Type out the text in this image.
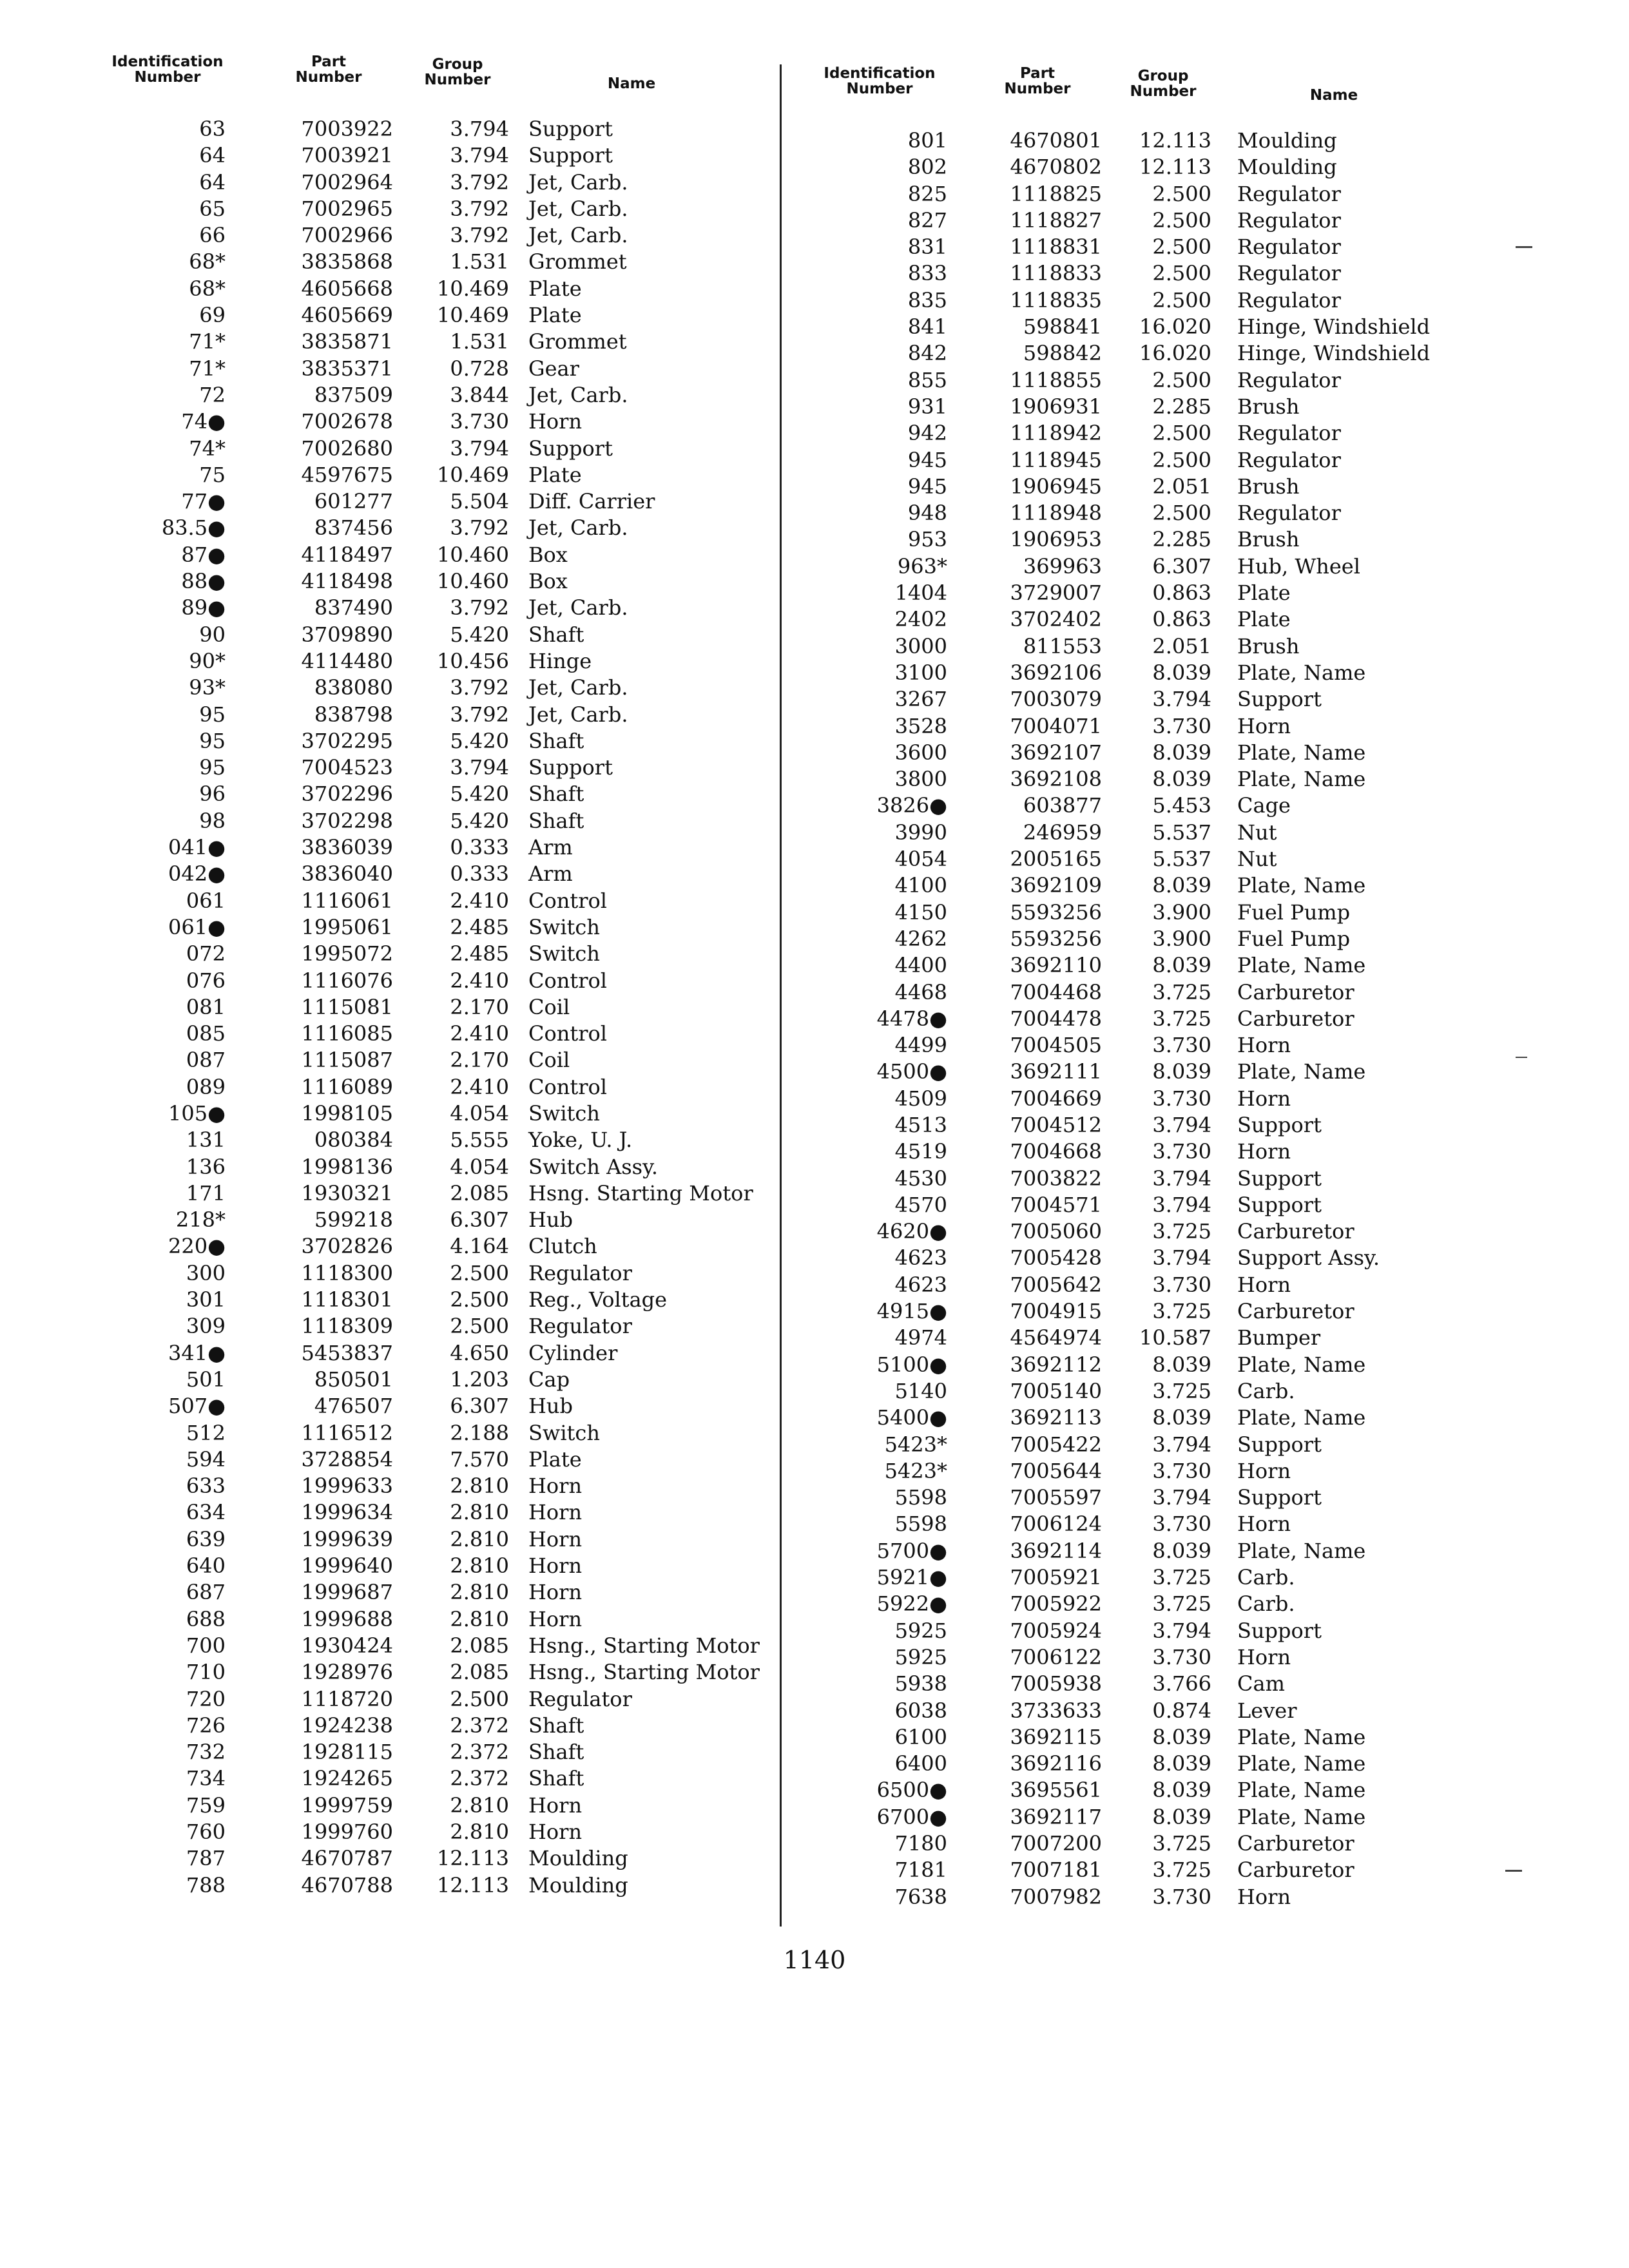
Identification
Number
Part
Number
Group
Number	Name
63	7003922	3.794 Support
64	7003921	3.794 Support
64	7002964	3.792 Jet, Carb.
65	7002965	3.792 Jet, Carb.
66	7002966	3.792 Jet, Carb.
68*	3835868	1.531 Grommet
68*	4605668	10.469 Plate
69	4605669	10.469 Plate
71*	3835871	1.531 Grommet
71*	3835371	0.728 Gear
72	837509	3.844 Jet, Carb.
74●	7002678	3.730 Horn
74*	7002680	3.794 Support
75	4597675	10.469 Plate
77●	601277	5.504 Diff. Carrier
83.5●	837456	3.792 Jet, Carb.
87●	4118497	10.460 Box
88●	4118498	10.460 Box
89●	837490	3.792 Jet, Carb.
90	3709890	5.420 Shaft
90*	4114480	10.456 Hinge
93*	838080	3.792 Jet, Carb.
95	838798	3.792 Jet, Carb.
95	3702295	5.420 Shaft
95	7004523	3.794 Support
96	3702296	5.420 Shaft
98	3702298	5.420 Shaft
041●	3836039	0.333 Arm
042●	3836040	0.333 Arm
061	1116061	2.410 Control
061●	1995061	2.485 Switch
072	1995072	2.485 Switch
076	1116076	2.410 Control
081	1115081	2.170 Coil
085	1116085	2.410 Control
087	1115087	2.170 Coil
089	1116089	2.410 Control
105●	1998105	4.054 Switch
131	080384	5.555 Yoke, U. J.
136	1998136	4.054 Switch Assy.
171	1930321	2.085 Hsng. Starting Motor
218*	599218	6.307 Hub
220●	3702826	4.164 Clutch
300	1118300	2.500 Regulator
301	1118301	2.500 Reg., Voltage
309	1118309	2.500 Regulator
341●	5453837	4.650 Cylinder
501	850501	1.203 Cap
507●	476507	6.307 Hub
512	1116512	2.188 Switch
594	3728854	7.570 Plate
633	1999633	2.810 Horn
634	1999634	2.810 Horn
639	1999639	2.810 Horn
640	1999640	2.810 Horn
687	1999687	2.810 Horn
688	1999688	2.810 Horn
700	1930424	2.085 Hsng., Starting Motor
710	1928976	2.085 Hsng., Starting Motor
720	1118720	2.500 Regulator
726	1924238	2.372 Shaft
732	1928115	2.372 Shaft
734	1924265	2.372 Shaft
759	1999759	2.810 Horn
760	1999760	2.810 Horn
787	4670787	12.113 Moulding
788	4670788	12.113 Moulding
Identification
Number
Part
Number
Group
Number	Name
801	4670801	12.113 Moulding
802	4670802	12.113 Moulding
825	1118825	2.500 Regulator
827	1118827	2.500 Regulator
831	1118831	2.500 Regulator
833	1118833	2.500 Regulator
835	1118835	2.500 Regulator
841	598841	16.020 Hinge, Windshield
842	598842	16.020 Hinge, Windshield
855	1118855	2.500 Regulator
931	1906931	2.285 Brush
942	1118942	2.500 Regulator
945	1118945	2.500 Regulator
945	1906945	2.051 Brush
948	1118948	2.500 Regulator
953	1906953	2.285 Brush
963*	369963	6.307 Hub, Wheel
1404	3729007	0.863 Plate
2402	3702402	0.863 Plate
3000	811553	2.051 Brush
3100	3692106	8.039 Plate, Name
3267	7003079	3.794 Support
3528	7004071	3.730 Horn
3600	3692107	8.039 Plate, Name
3800	3692108	8.039 Plate, Name
3826●	603877	5.453 Cage
3990	246959	5.537 Nut
4054	2005165	5.537 Nut
4100	3692109	8.039 Plate, Name
4150	5593256	3.900 Fuel Pump
4262	5593256	3.900 Fuel Pump
4400	3692110	8.039 Plate, Name
4468	7004468	3.725 Carburetor
4478●	7004478	3.725 Carburetor
4499	7004505	3.730 Horn
4500●	3692111	8.039 Plate, Name
4509	7004669	3.730 Horn
4513	7004512	3.794 Support
4519	7004668	3.730 Horn
4530	7003822	3.794 Support
4570	7004571	3.794 Support
4620●	7005060	3.725 Carburetor
4623	7005428	3.794 Support Assy.
4623	7005642	3.730 Horn
4915●	7004915	3.725 Carburetor
4974	4564974	10.587 Bumper
5100●	3692112	8.039 Plate, Name
5140	7005140	3.725 Carb.
5400●	3692113	8.039 Plate, Name
5423*	7005422	3.794 Support
5423*	7005644	3.730 Horn
5598	7005597	3.794 Support
5598	7006124	3.730 Horn
5700●	3692114	8.039 Plate, Name
5921●	7005921	3.725 Carb.
5922●	7005922	3.725 Carb.
5925	7005924	3.794 Support
5925	7006122	3.730 Horn
5938	7005938	3.766 Cam
6038	3733633	0.874 Lever
6100	3692115	8.039 Plate, Name
6400	3692116	8.039 Plate, Name
6500●	3695561	8.039 Plate, Name
6700●	3692117	8.039 Plate, Name
7180	7007200	3.725 Carburetor
7181	7007181	3.725 Carburetor
7638	7007982	3.730 Horn
1140
